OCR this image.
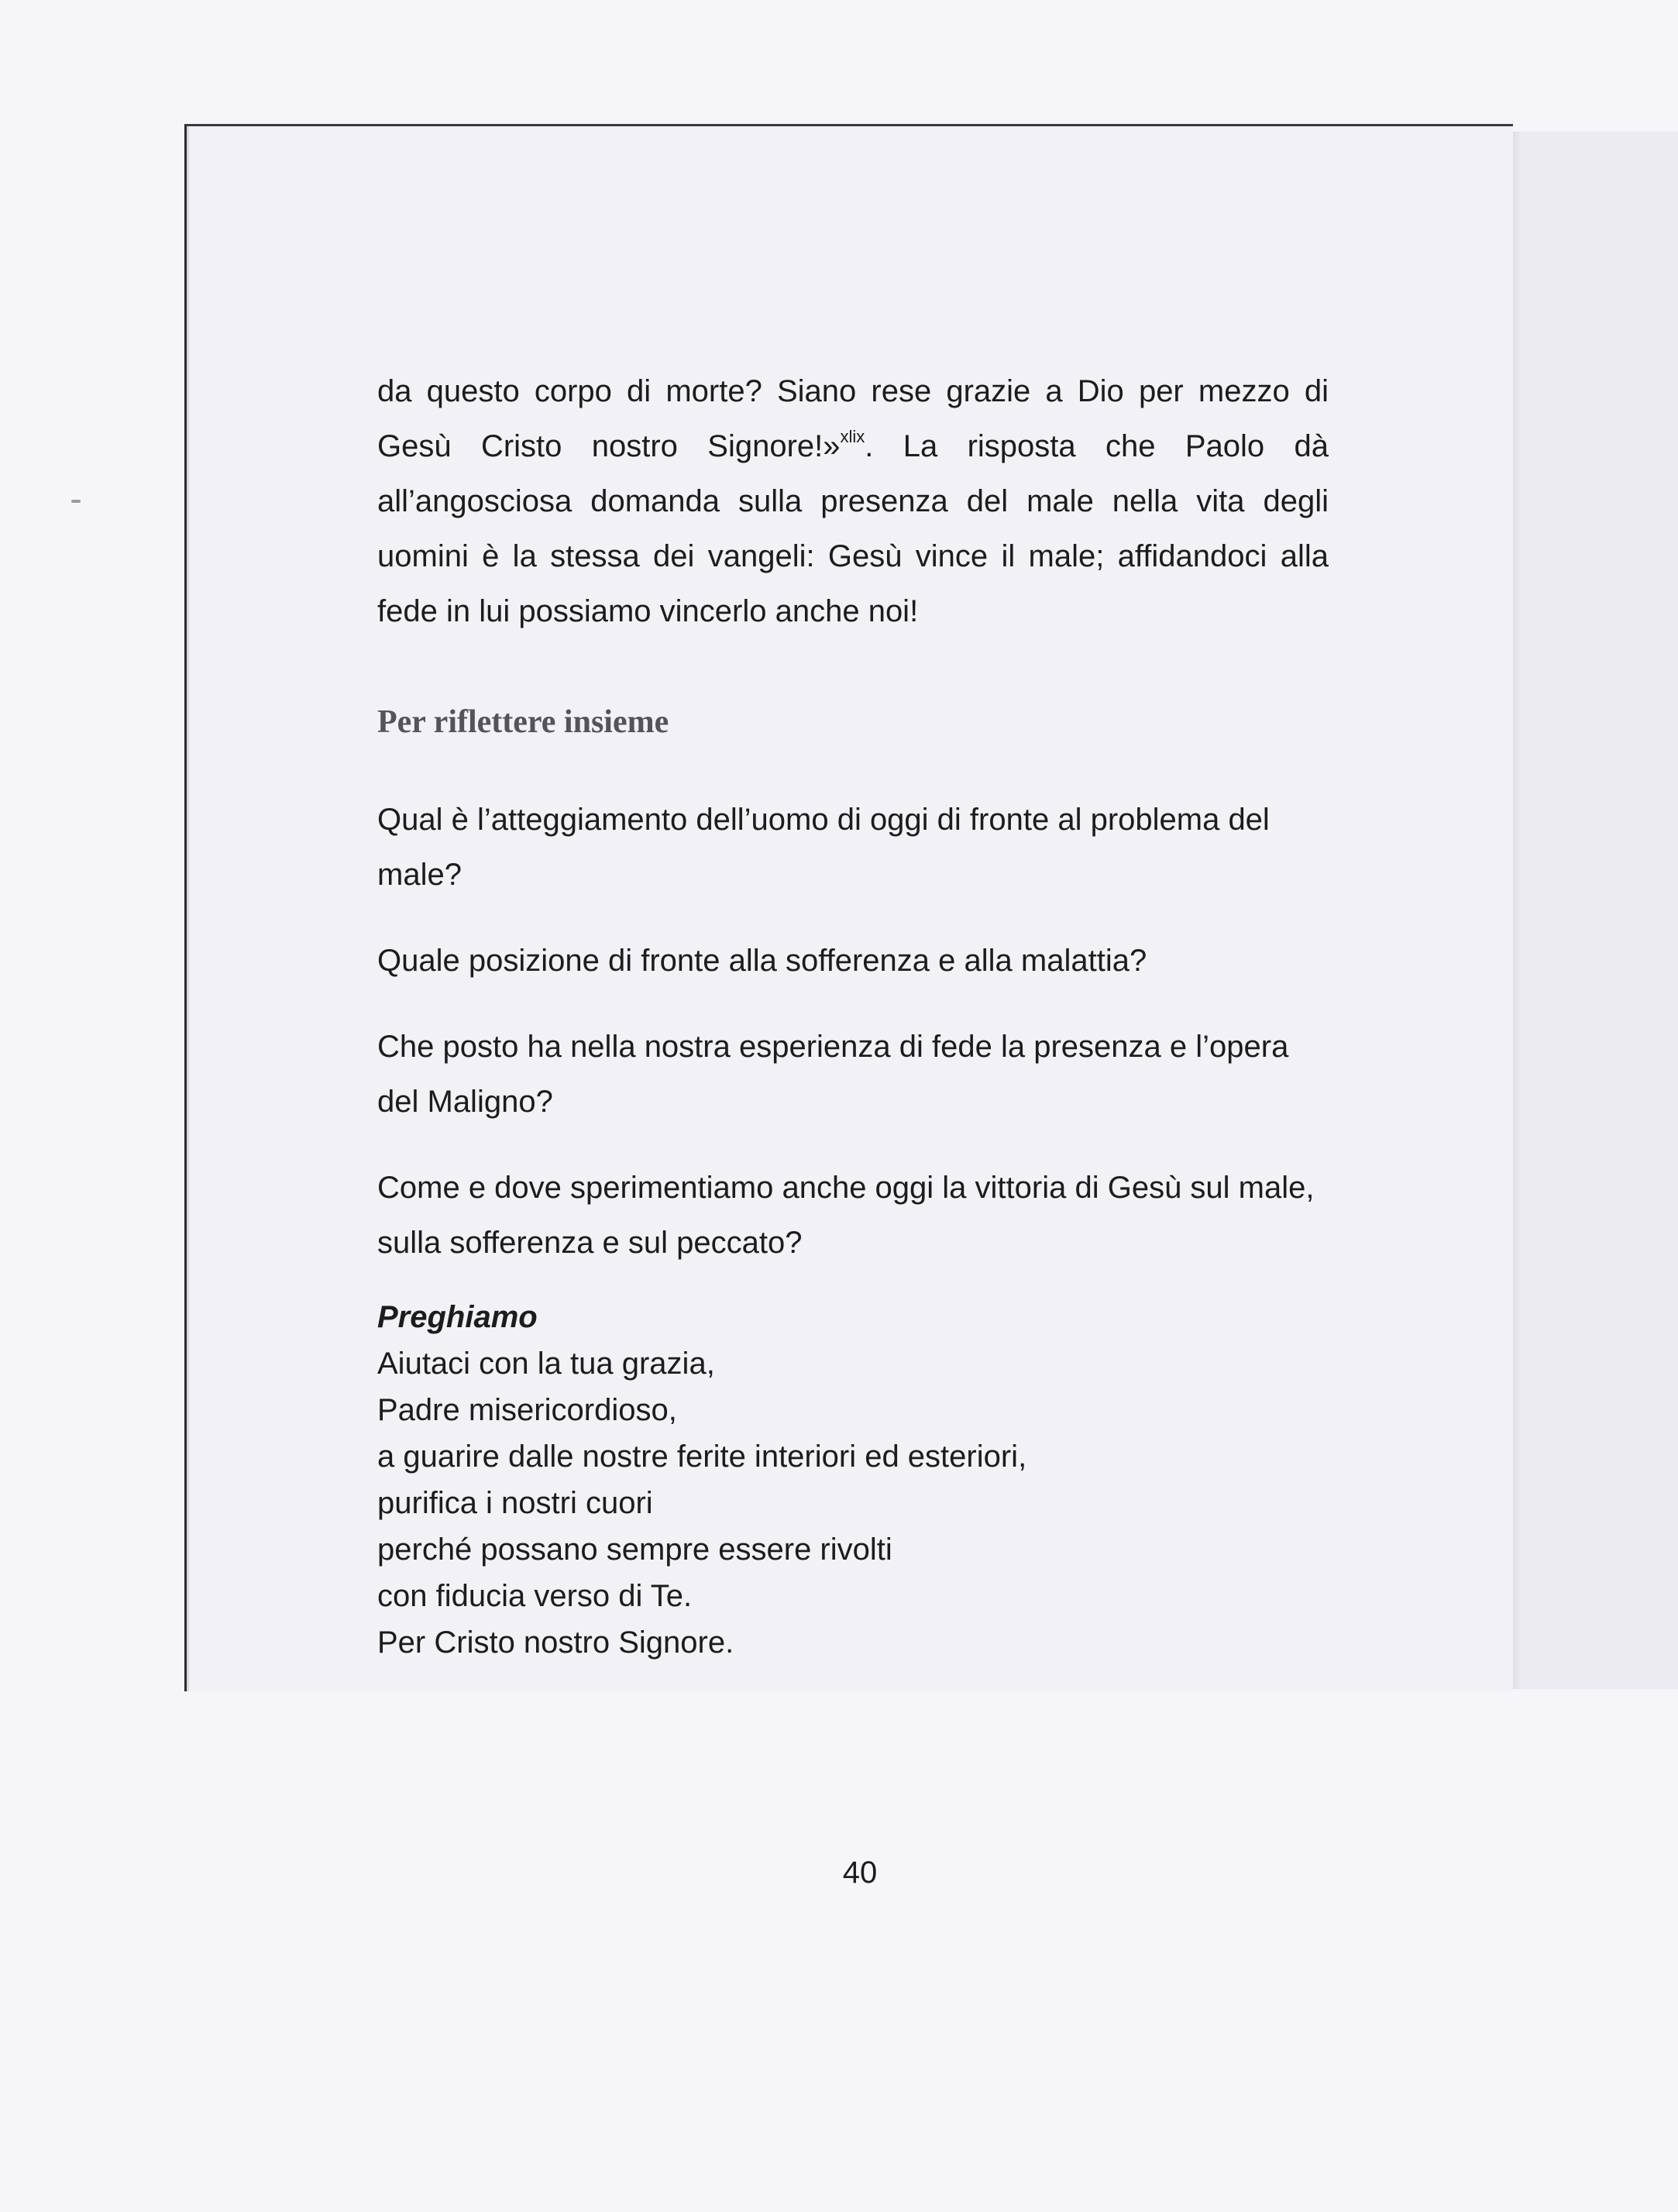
da questo corpo di morte? Siano rese grazie a Dio per mezzo di Gesù Cristo nostro Signore!»$^{xlix}$. La risposta che Paolo dà all’angosciosa domanda sulla presenza del male nella vita degli uomini è la stessa dei vangeli: Gesù vince il male; affidandoci alla fede in lui possiamo vincerlo anche noi!

Per riflettere insieme

Qual è l’atteggiamento dell’uomo di oggi di fronte al problema del male?

Quale posizione di fronte alla sofferenza e alla malattia?

Che posto ha nella nostra esperienza di fede la presenza e l’opera del Maligno?

Come e dove sperimentiamo anche oggi la vittoria di Gesù sul male, sulla sofferenza e sul peccato?

Preghiamo

Aiutaci con la tua grazia,

Padre misericordioso,

a guarire dalle nostre ferite interiori ed esteriori,

purifica i nostri cuori

perché possano sempre essere rivolti

con fiducia verso di Te.

Per Cristo nostro Signore.

40
